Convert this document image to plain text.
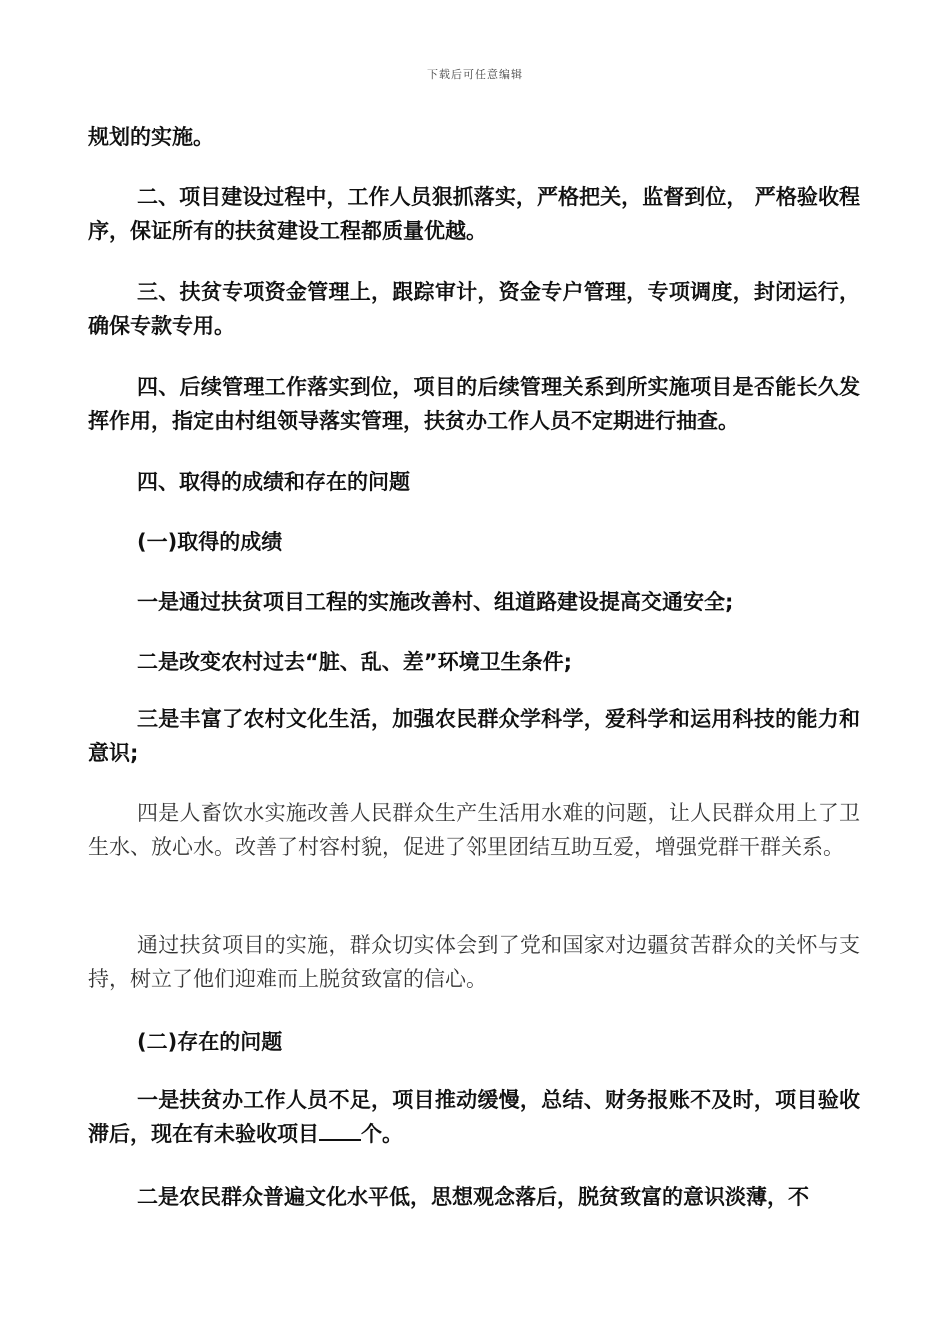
下载后可任意编辑

规划的实施。

二、项目建设过程中，工作人员狠抓落实，严格把关，监督到位， 严格验收程序，保证所有的扶贫建设工程都质量优越。

三、扶贫专项资金管理上，跟踪审计，资金专户管理，专项调度，封闭运行，确保专款专用。

四、后续管理工作落实到位，项目的后续管理关系到所实施项目是否能长久发挥作用，指定由村组领导落实管理，扶贫办工作人员不定期进行抽查。

四、取得的成绩和存在的问题

(一)取得的成绩

一是通过扶贫项目工程的实施改善村、组道路建设提高交通安全;

二是改变农村过去“脏、乱、差”环境卫生条件;

三是丰富了农村文化生活，加强农民群众学科学，爱科学和运用科技的能力和意识;

四是人畜饮水实施改善人民群众生产生活用水难的问题，让人民群众用上了卫生水、放心水。改善了村容村貌，促进了邻里团结互助互爱，增强党群干群关系。

通过扶贫项目的实施，群众切实体会到了党和国家对边疆贫苦群众的关怀与支持，树立了他们迎难而上脱贫致富的信心。

(二)存在的问题

一是扶贫办工作人员不足，项目推动缓慢，总结、财务报账不及时，项目验收滞后，现在有未验收项目 个。

二是农民群众普遍文化水平低，思想观念落后，脱贫致富的意识淡薄，不
